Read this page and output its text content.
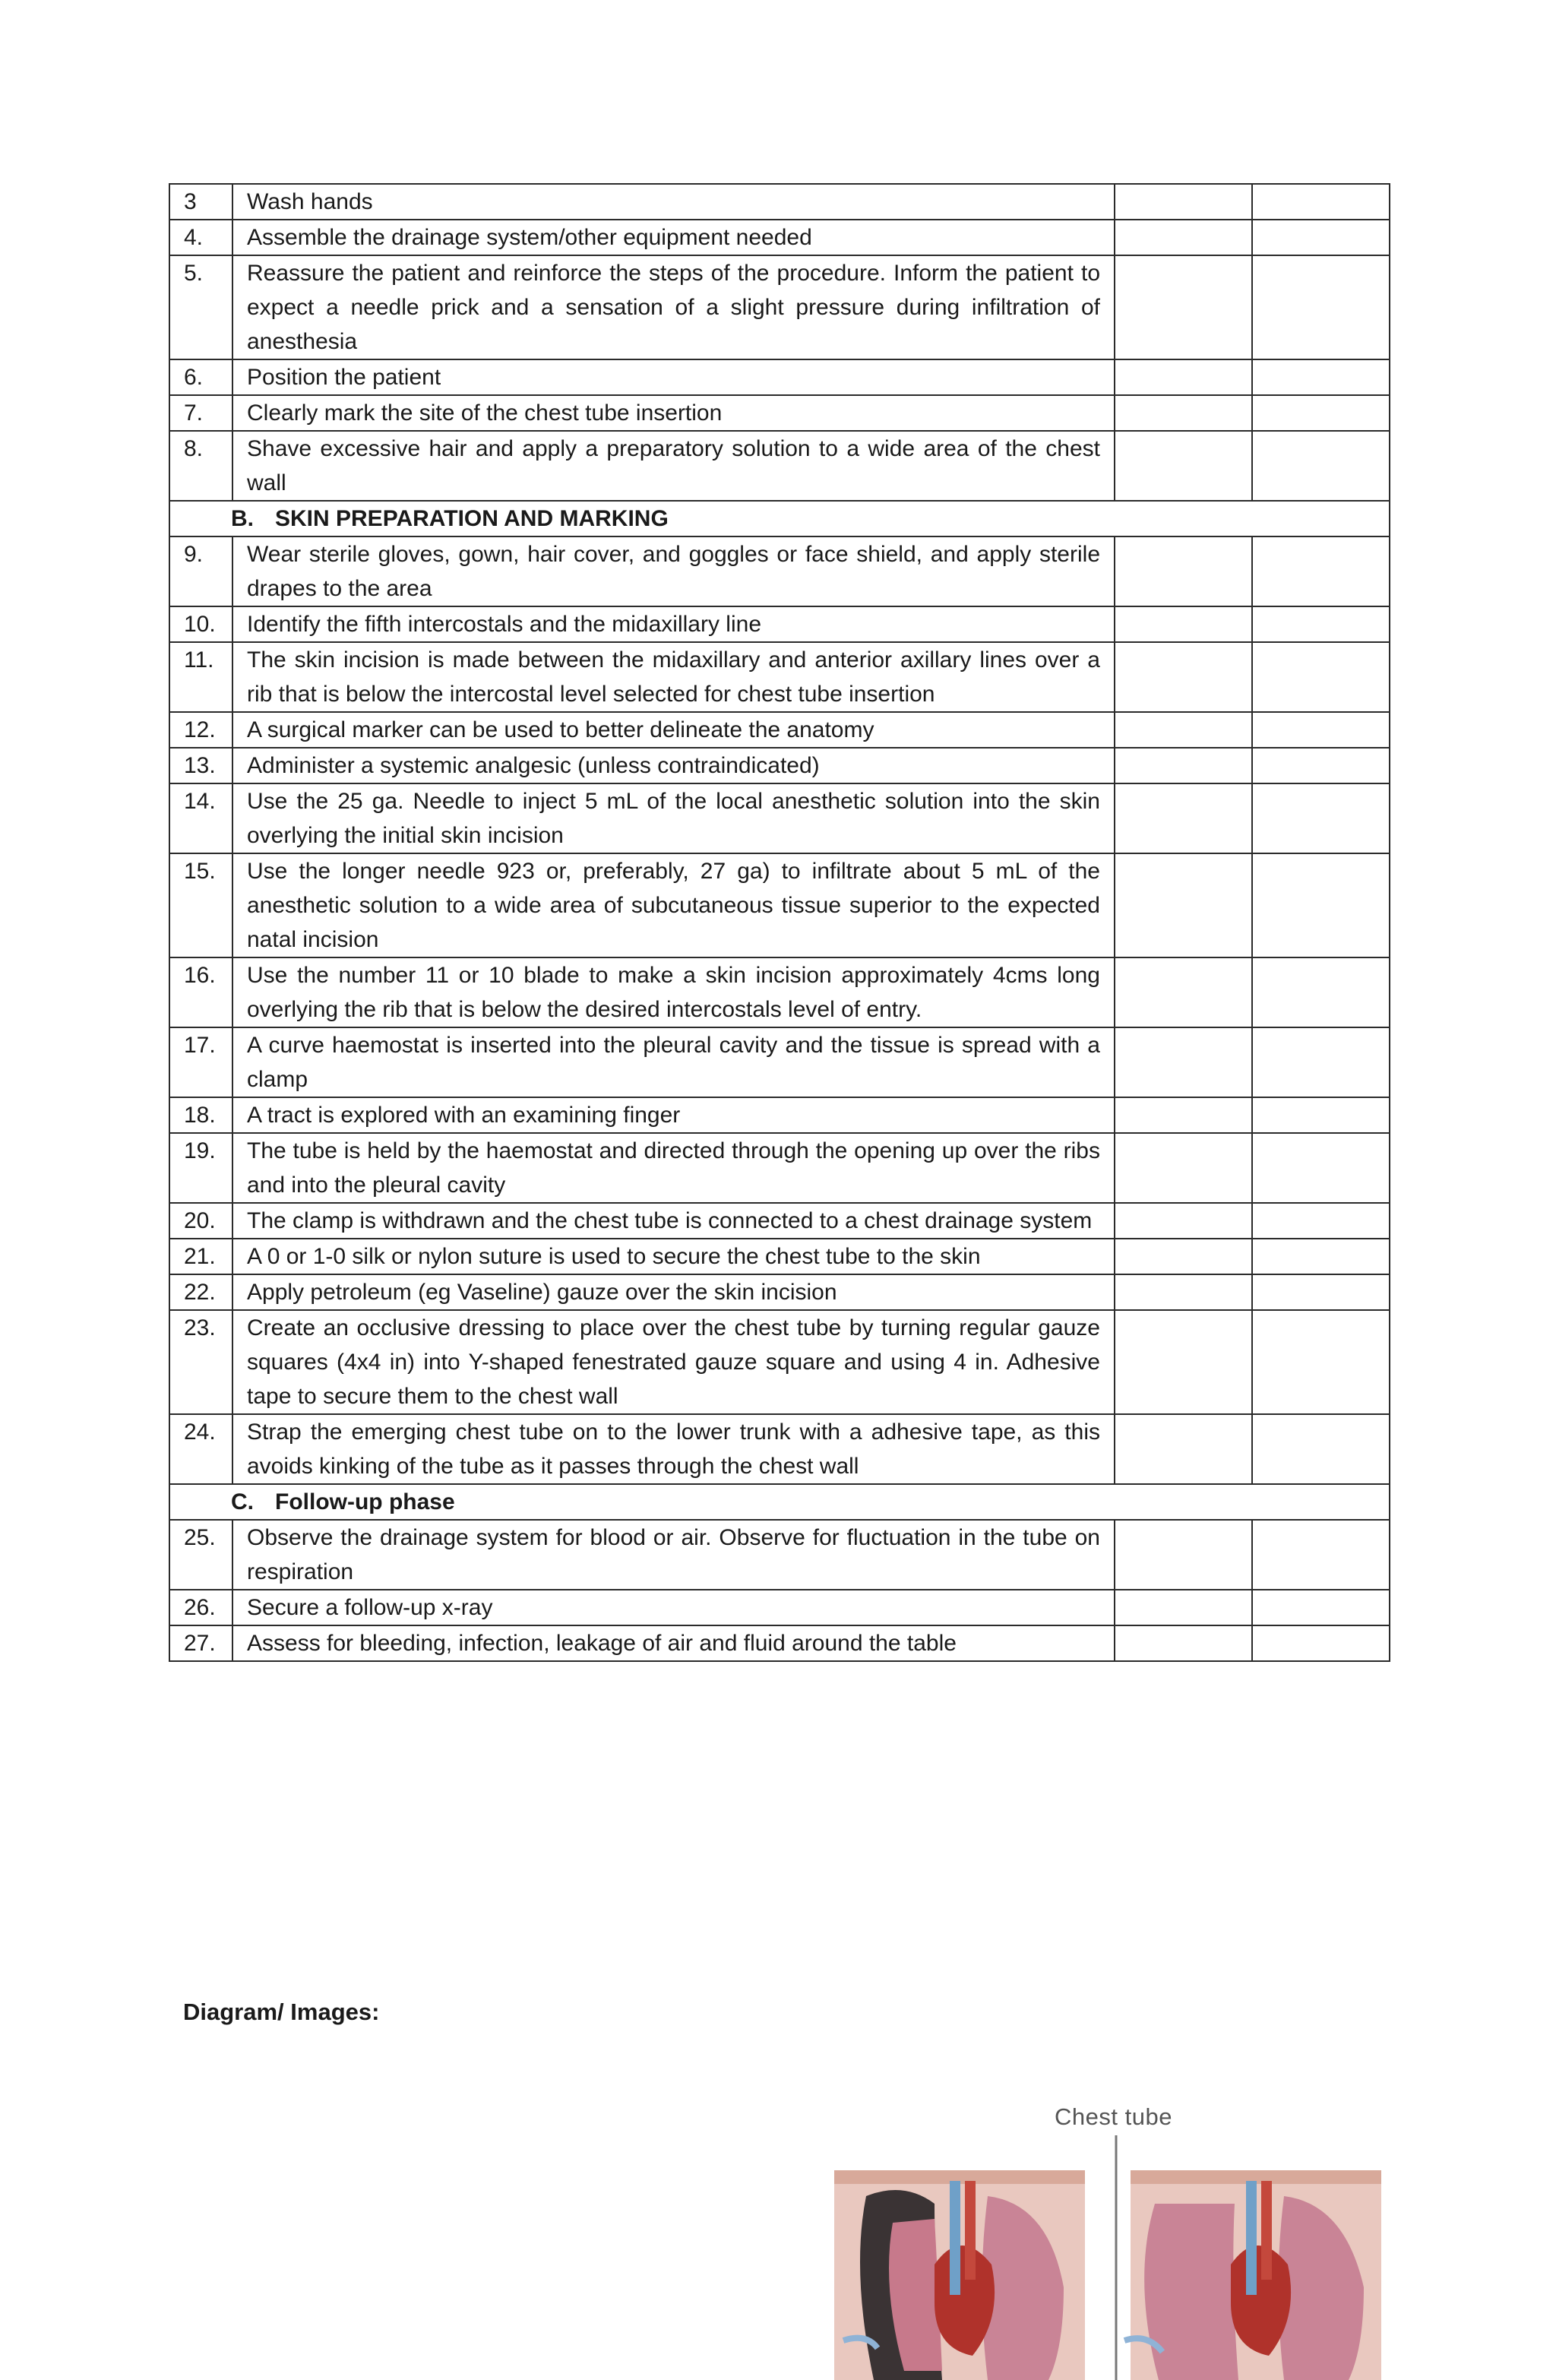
3	Wash hands		
4.	Assemble the drainage system/other equipment needed		
5.	Reassure the patient and reinforce the steps of the procedure. Inform the patient to expect a needle prick and a sensation of a slight pressure during infiltration of anesthesia		
6.	Position the patient		
7.	Clearly mark the site of the chest tube insertion		
8.	Shave excessive hair and apply a preparatory solution to a wide area of the chest wall		
B. SKIN PREPARATION AND MARKING			
9.	Wear sterile gloves, gown, hair cover, and goggles or face shield, and apply sterile drapes to the area		
10.	Identify the fifth intercostals and the midaxillary line		
11.	The skin incision is made between the midaxillary and anterior axillary lines over a rib that is below the intercostal level selected for chest tube insertion		
12.	A surgical marker can be used to better delineate the anatomy		
13.	Administer a systemic analgesic (unless contraindicated)		
14.	Use the 25 ga. Needle to inject 5 mL of the local anesthetic solution into the skin overlying the initial skin incision		
15.	Use the longer needle 923 or, preferably, 27 ga) to infiltrate about 5 mL of the anesthetic solution to a wide area of subcutaneous tissue superior to the expected natal incision		
16.	Use the number 11 or 10 blade to make a skin incision approximately 4cms long overlying the rib that is below the desired intercostals level of entry.		
17.	A curve haemostat is inserted into the pleural cavity and the tissue is spread with a clamp		
18.	A tract is explored with an examining finger		
19.	The tube is held by the haemostat and directed through the opening up over the ribs and into the pleural cavity		
20.	The clamp is withdrawn and the chest tube is connected to a chest drainage system		
21.	A 0 or 1-0 silk or nylon suture is used to secure the chest tube to the skin		
22.	Apply petroleum (eg Vaseline) gauze over the skin incision		
23.	Create an occlusive dressing to place over the chest tube by turning regular gauze squares (4x4 in) into Y-shaped fenestrated gauze square and using 4 in. Adhesive tape to secure them to the chest wall		
24.	Strap the emerging chest tube on to the lower trunk with a adhesive tape, as this avoids kinking of the tube as it passes through the chest wall		
C. Follow-up phase			
25.	Observe the drainage system for blood or air. Observe for fluctuation in the tube on respiration		
26.	Secure a follow-up x-ray		
27.	Assess for bleeding, infection, leakage of air and fluid around the table		
Diagram/ Images:
Chest tube
